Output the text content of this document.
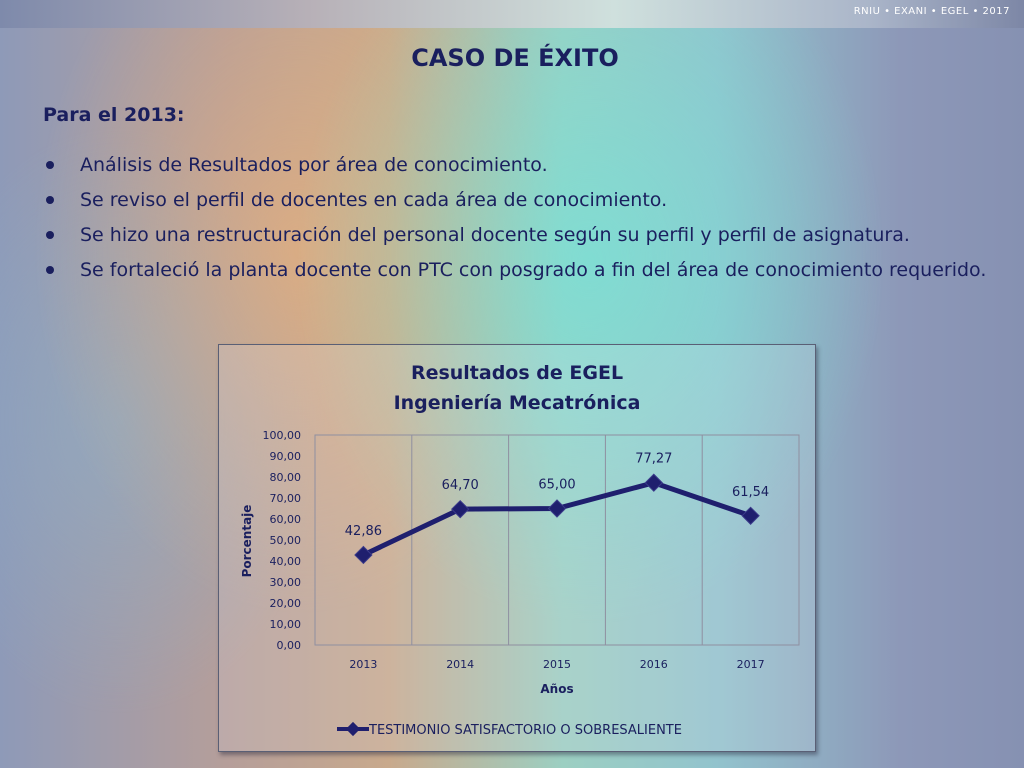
RNIU • EXANI • EGEL • 2017
CASO DE ÉXITO
Para el 2013:
Análisis de Resultados por área de conocimiento.
Se reviso el perfil de docentes en cada área de conocimiento.
Se hizo una restructuración del personal docente según su perfil y perfil de asignatura.
Se fortaleció la planta docente con PTC con posgrado a fin del área de conocimiento requerido.
Resultados de EGEL
Ingeniería Mecatrónica
0,00
10,00
20,00
30,00
40,00
50,00
60,00
70,00
80,00
90,00
100,00
2013	2014	2015	2016	2017
42,86
64,70	65,00
77,27
61,54
Porcentaje
Años
TESTIMONIO SATISFACTORIO O SOBRESALIENTE
